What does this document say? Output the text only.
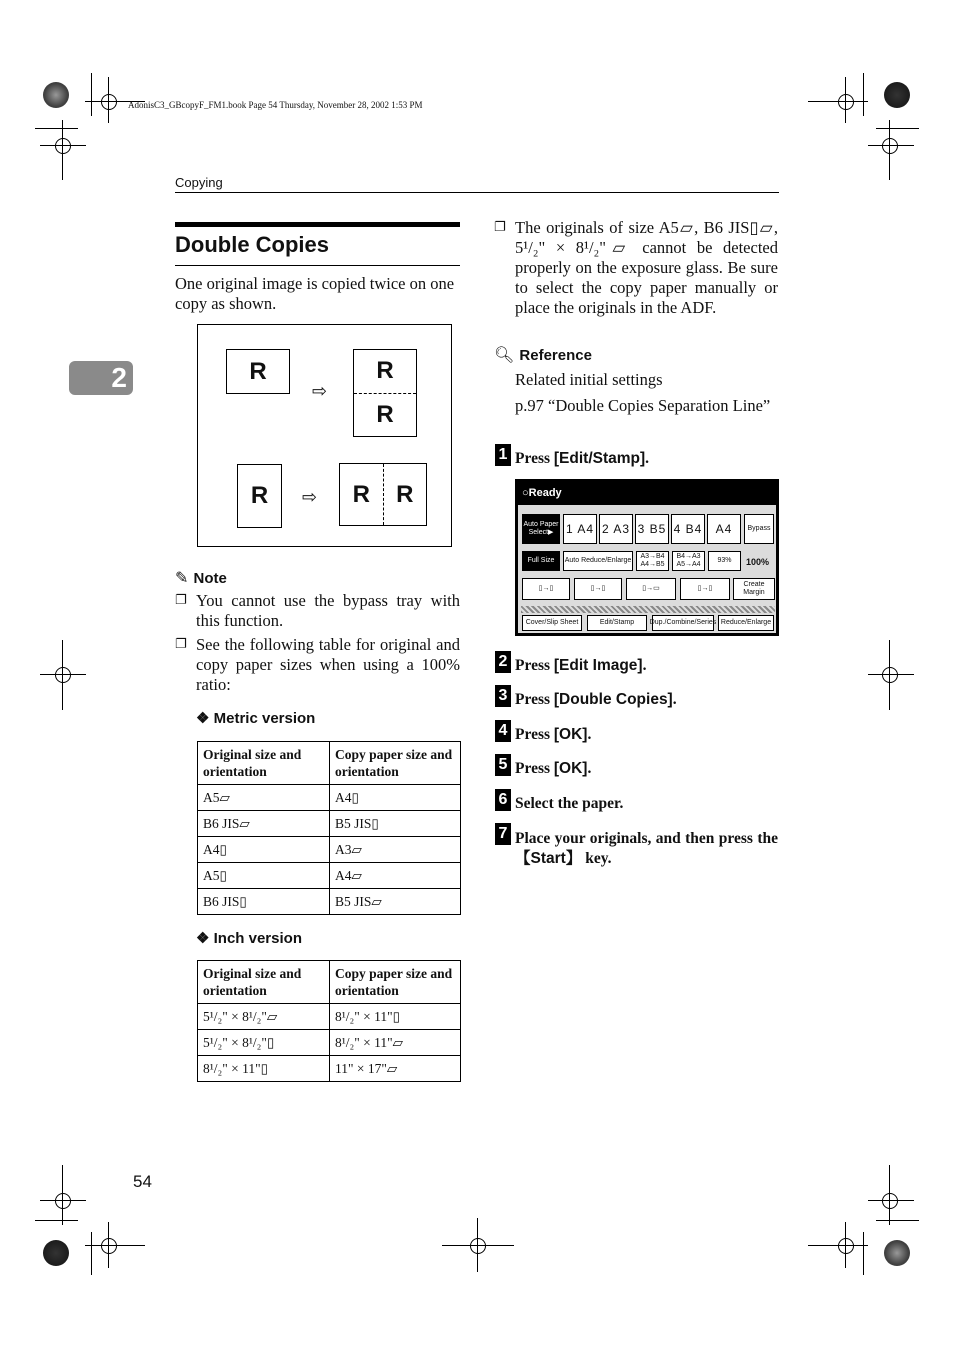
AdonisC3_GBcopyF_FM1.book Page 54 Thursday, November 28, 2002 1:53 PM
Copying
2
Double Copies
One original image is copied twice on one copy as shown.
R
⇨
R
R
R	⇨	R	R
✎ Note
❐ You cannot use the bypass tray with this function.
❐ See the following table for original and copy paper sizes when using a 100% ratio:
❖ Metric version
Original size and orientation	Copy paper size and orientation
A5▱	A4▯
B6 JIS▱	B5 JIS▯
A4▯	A3▱
A5▯	A4▱
B6 JIS▯	B5 JIS▱
❖ Inch version
Original size and orientation	Copy paper size and orientation
5¹/₂" × 8¹/₂"▱	8¹/₂" × 11"▯
5¹/₂" × 8¹/₂"▯	8¹/₂" × 11"▱
8¹/₂" × 11"▯	11" × 17"▱
❐ The originals of size A5▱, B6 JIS▯▱, 5¹/₂" × 8¹/₂"▱ cannot be detected properly on the exposure glass. Be sure to select the copy paper manually or place the originals in the ADF.
🔍︎ Reference
Related initial settings
p.97 “Double Copies Separation Line”
1 Press [Edit/Stamp].
○Ready
Auto Paper Select▶	1 A4 2 A3 3 B5 4 B4	A4	Bypass
Full Size	Auto Reduce/Enlarge
A3→B4 A4→B5
B4→A3 A5→A4
93%	100%
▯→▯	▯→▯	▯→▭	▯→▯
Create Margin
Cover/Slip Sheet	Edit/Stamp	Dup./Combine/Series Reduce/Enlarge
2 Press [Edit Image].
3 Press [Double Copies].
4 Press [OK].
5 Press [OK].
6 Select the paper.
7 Place your originals, and then press the 【Start】 key.
54
